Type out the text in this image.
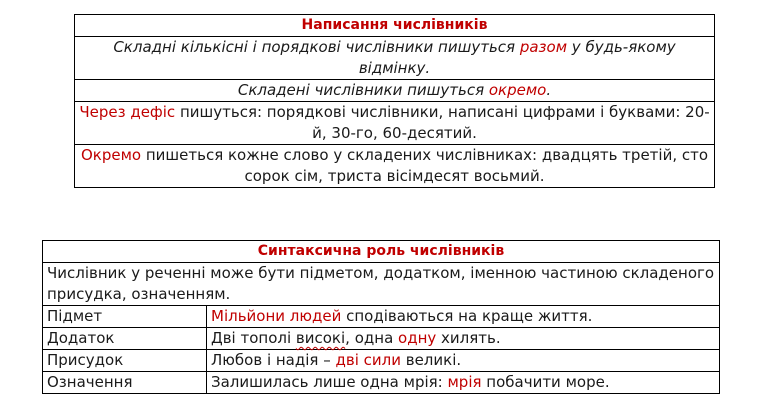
Написання числівників
Складні кількісні і порядкові числівники пишуться разом у будь-якому відмінку.
Складені числівники пишуться окремо.
Через дефіс пишуться: порядкові числівники, написані цифрами і буквами: 20-й, 30-го, 60-десятий.
Окремо пишеться кожне слово у складених числівниках: двадцять третій, сто сорок сім, триста вісімдесят восьмий.
Синтаксична роль числівників	
Числівник у реченні може бути підметом, додатком, іменною частиною складеного присудка, означенням.	
Підмет	Мільйони людей сподіваються на краще життя.
Додаток	Дві тополі високі, одна одну хилять.
Присудок	Любов і надія – дві сили великі.
Означення	Залишилась лише одна мрія: мрія побачити море.
